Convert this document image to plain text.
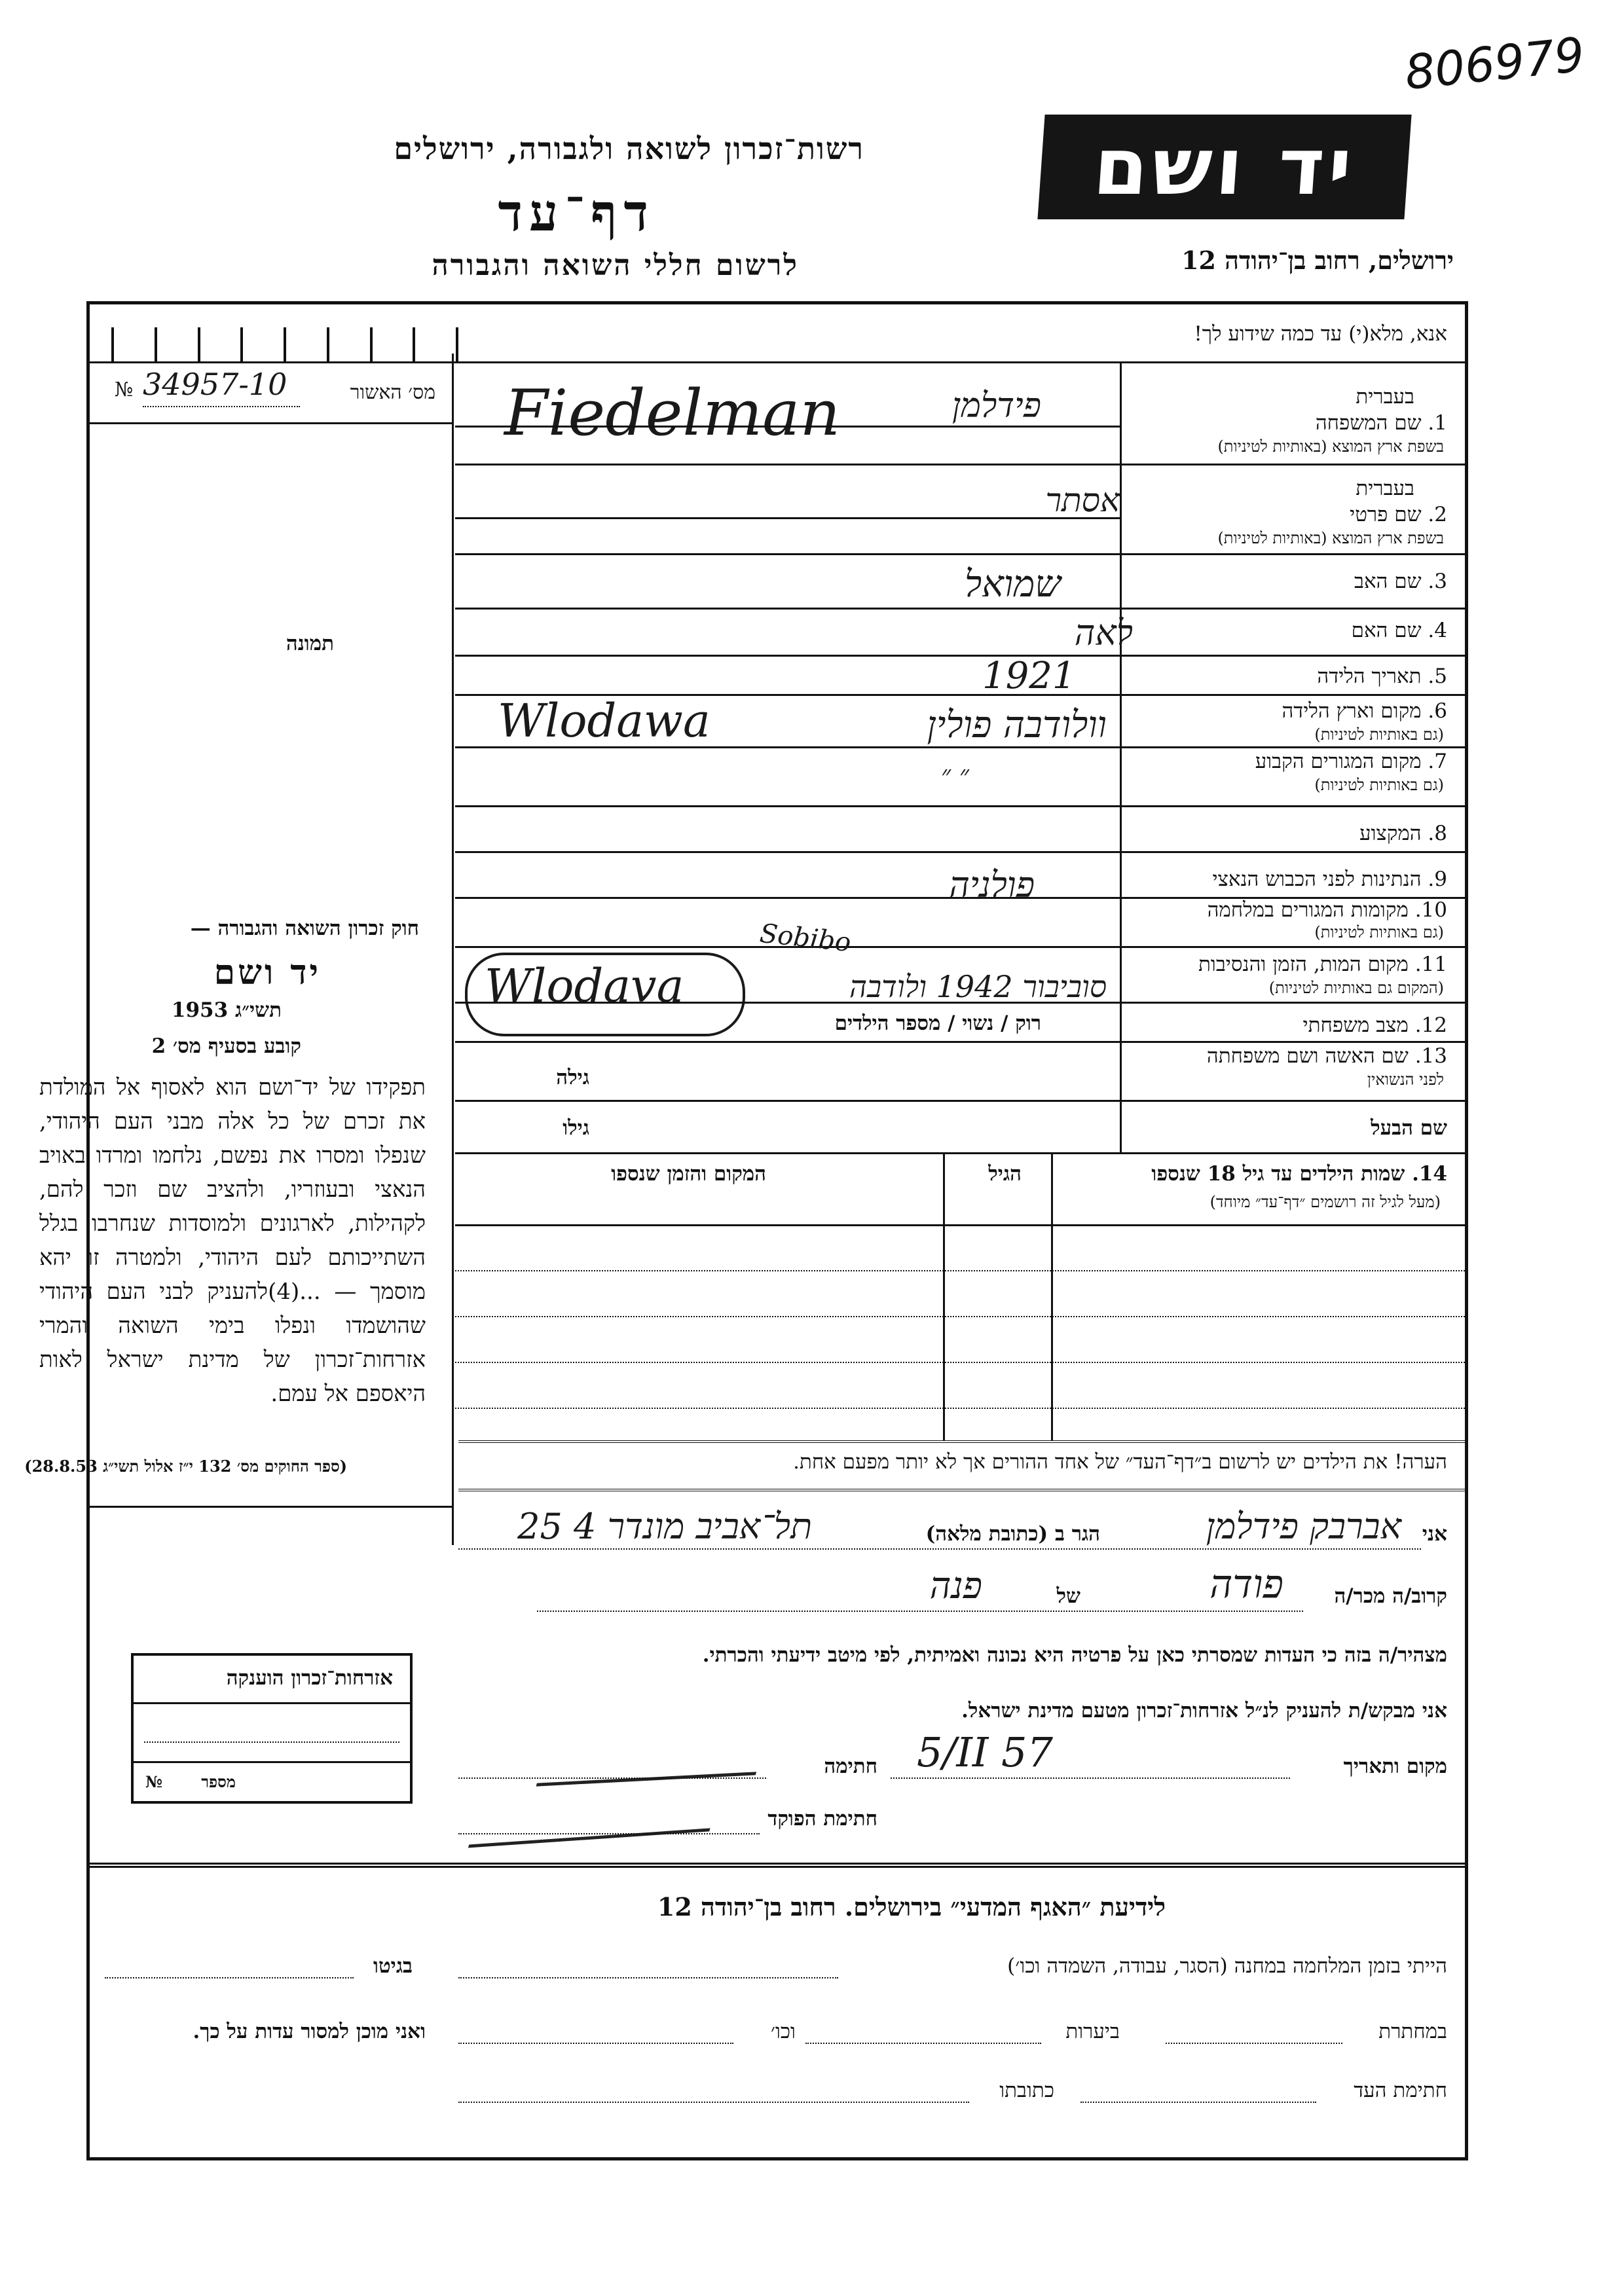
806979
רשות־זכרון לשואה ולגבורה, ירושלים
דף־עד
לרשום חללי השואה והגבורה
יד ושם
ירושלים, רחוב בן־יהודה 12
אנא, מלא(י) עד כמה שידוע לך!
מס׳ האשור
№ 34957-10
תמונה
בעברית
1. שם המשפחה
בשפת ארץ המוצא (באותיות לטיניות)
Fiedelman	פידלמן
בעברית
2. שם פרטי
בשפת ארץ המוצא (באותיות לטיניות)
אסתר
3. שם האב
שמואל
4. שם האם
לאה
5. תאריך הלידה
1921
6. מקום וארץ הלידה
(גם באותיות לטיניות)
Wlodawa	וולודבה פולין
7. מקום המגורים הקבוע
(גם באותיות לטיניות)
״ ״
8. המקצוע
9. הנתינות לפני הכבוש הנאצי
פולניה
10. מקומות המגורים במלחמה
(גם באותיות לטיניות)
11. מקום המות, הזמן והנסיבות
(המקום גם באותיות לטיניות)
Wlodava
Sobibo
סוביבור 1942 ולודבה
12. מצב משפחתי
רוק / נשוי / מספר הילדים
13. שם האשה ושם משפחתה
לפני הנשואין
גילה
שם הבעל
גילו
14. שמות הילדים עד גיל 18 שנספו
(מעל לגיל זה רושמים ״דף־עד״ מיוחד)
הגיל
המקום והזמן שנספו
הערה! את הילדים יש לרשום ב״דף־העד״ של אחד ההורים אך לא יותר מפעם אחת.
חוק זכרון השואה והגבורה —
יד ושם
תשי״ג 1953
קובע בסעיף מס׳ 2
תפקידו של יד־ושם הוא לאסוף אל המולדת את זכרם של כל אלה מבני העם היהודי, שנפלו ומסרו את נפשם, נלחמו ומרדו באויב הנאצי ובעוזריו, ולהציב שם וזכר להם, לקהילות, לארגונים ולמוסדות שנחרבו בגלל השתייכותם לעם היהודי, ולמטרה זו יהא מוסמך — ...(4)להעניק לבני העם היהודי שהושמדו ונפלו בימי השואה והמרי אזרחות־זכרון של מדינת ישראל לאות היאספם אל עמם.
(ספר החוקים מס׳ 132 י״ז אלול תשי״ג 28.8.53)
אני
אברבק פידלמן
הגר ב (כתובת מלאה)
תל־אביב מונדר 4 25
קרוב/ה מכר/ה
פודה
של
פנה
מצהיר/ה בזה כי העדות שמסרתי כאן על פרטיה היא נכונה ואמיתית, לפי מיטב ידיעתי והכרתי.
אני מבקש/ת להעניק לנ״ל אזרחות־זכרון מטעם מדינת ישראל.
מקום ותאריך
5/II 57
חתימה
חתימת הפוקד
אזרחות־זכרון הוענקה
מספר
№
לידיעת ״האגף המדעי״ בירושלים. רחוב בן־יהודה 12
הייתי בזמן המלחמה במחנה (הסגר, עבודה, השמדה וכו׳)
בגיטו
במחתרת
ביערות
וכו׳
ואני מוכן למסור עדות על כך.
חתימת העד
כתובתו
